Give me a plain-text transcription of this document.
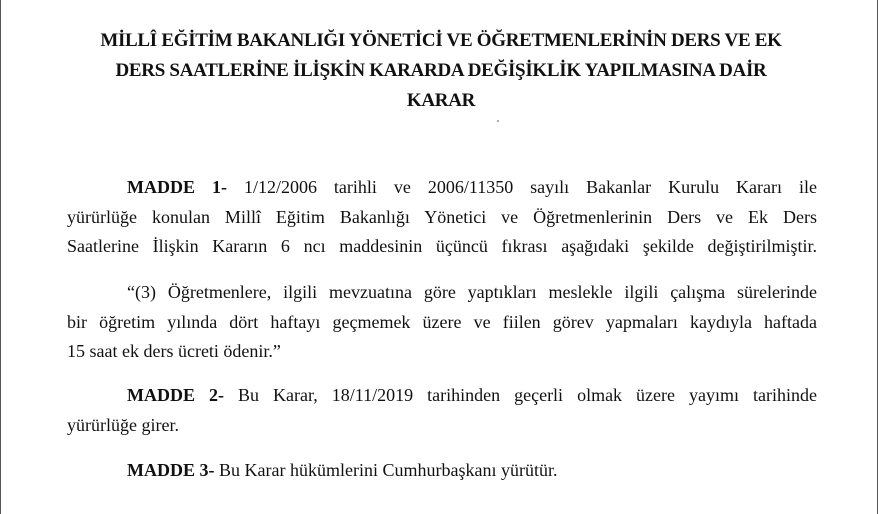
MİLLÎ EĞİTİM BAKANLIĞI YÖNETİCİ VE ÖĞRETMENLERİNİN DERS VE EK
DERS SAATLERİNE İLİŞKİN KARARDA DEĞİŞİKLİK YAPILMASINA DAİR
KARAR
MADDE 1- 1/12/2006 tarihli ve 2006/11350 sayılı Bakanlar Kurulu Kararı ile
yürürlüğe konulan Millî Eğitim Bakanlığı Yönetici ve Öğretmenlerinin Ders ve Ek Ders
Saatlerine İlişkin Kararın 6 ncı maddesinin üçüncü fıkrası aşağıdaki şekilde değiştirilmiştir.
“(3) Öğretmenlere, ilgili mevzuatına göre yaptıkları meslekle ilgili çalışma sürelerinde
bir öğretim yılında dört haftayı geçmemek üzere ve fiilen görev yapmaları kaydıyla haftada
15 saat ek ders ücreti ödenir.”
MADDE 2- Bu Karar, 18/11/2019 tarihinden geçerli olmak üzere yayımı tarihinde
yürürlüğe girer.
MADDE 3- Bu Karar hükümlerini Cumhurbaşkanı yürütür.
